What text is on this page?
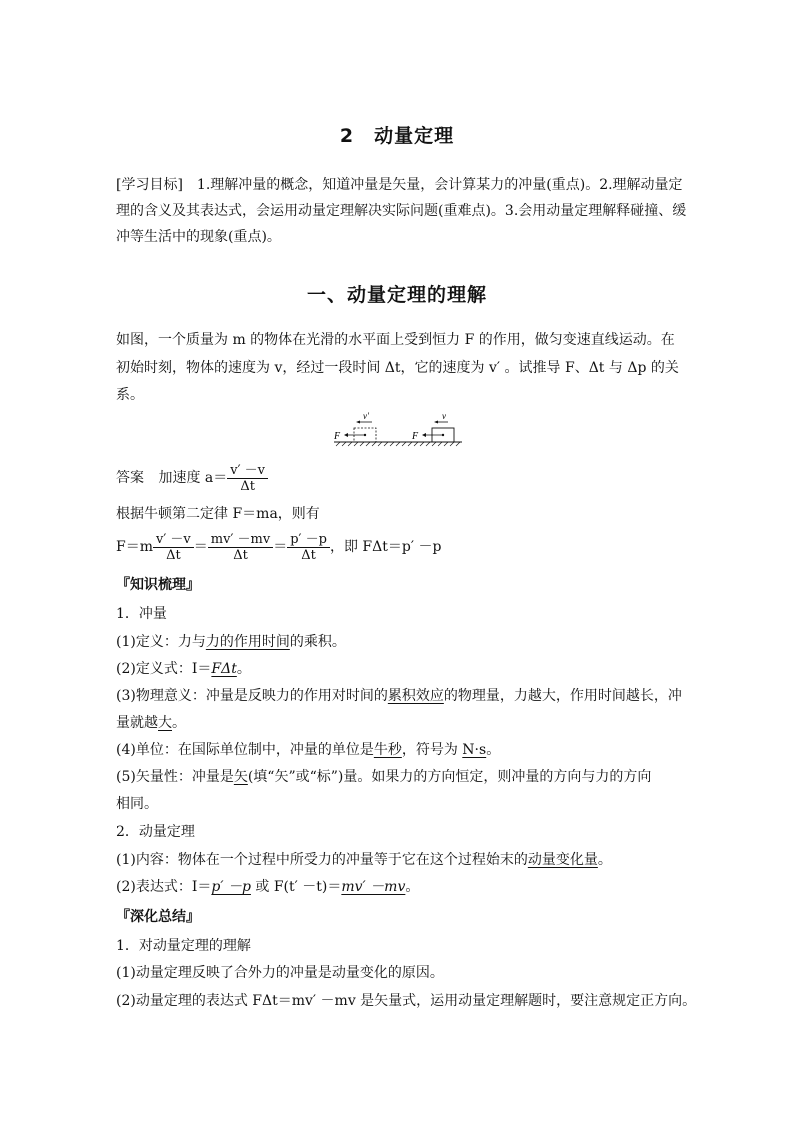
2　动量定理
[学习目标]　1.理解冲量的概念，知道冲量是矢量，会计算某力的冲量(重点)。2.理解动量定
理的含义及其表达式，会运用动量定理解决实际问题(重难点)。3.会用动量定理解释碰撞、缓
冲等生活中的现象(重点)。
一、动量定理的理解
如图，一个质量为 m 的物体在光滑的水平面上受到恒力 F 的作用，做匀变速直线运动。在
初始时刻，物体的速度为 v，经过一段时间 Δt，它的速度为 v′ 。试推导 F、Δt 与 Δp 的关
系。
F
v′
F
v
答案 加速度 $a= \frac{v' -v}{\Delta t}$
根据牛顿第二定律 F＝ma，则有
$F=m \frac{v' -v}{\Delta t} = \frac{mv' -mv}{\Delta t} = \frac{p' -p}{\Delta t}$ ，即 FΔt＝p′ －p
『知识梳理』
1．冲量
(1)定义：力与力的作用时间的乘积。
(2)定义式：I＝FΔt。
(3)物理意义：冲量是反映力的作用对时间的累积效应的物理量，力越大，作用时间越长，冲
量就越大。
(4)单位：在国际单位制中，冲量的单位是牛秒，符号为 N·s。
(5)矢量性：冲量是矢(填“矢”或“标”)量。如果力的方向恒定，则冲量的方向与力的方向
相同。
2．动量定理
(1)内容：物体在一个过程中所受力的冲量等于它在这个过程始末的动量变化量。
(2)表达式：I＝p′ －p 或 F(t′ －t)＝mv′ －mv。
『深化总结』
1．对动量定理的理解
(1)动量定理反映了合外力的冲量是动量变化的原因。
(2)动量定理的表达式 FΔt＝mv′ －mv 是矢量式，运用动量定理解题时，要注意规定正方向。
